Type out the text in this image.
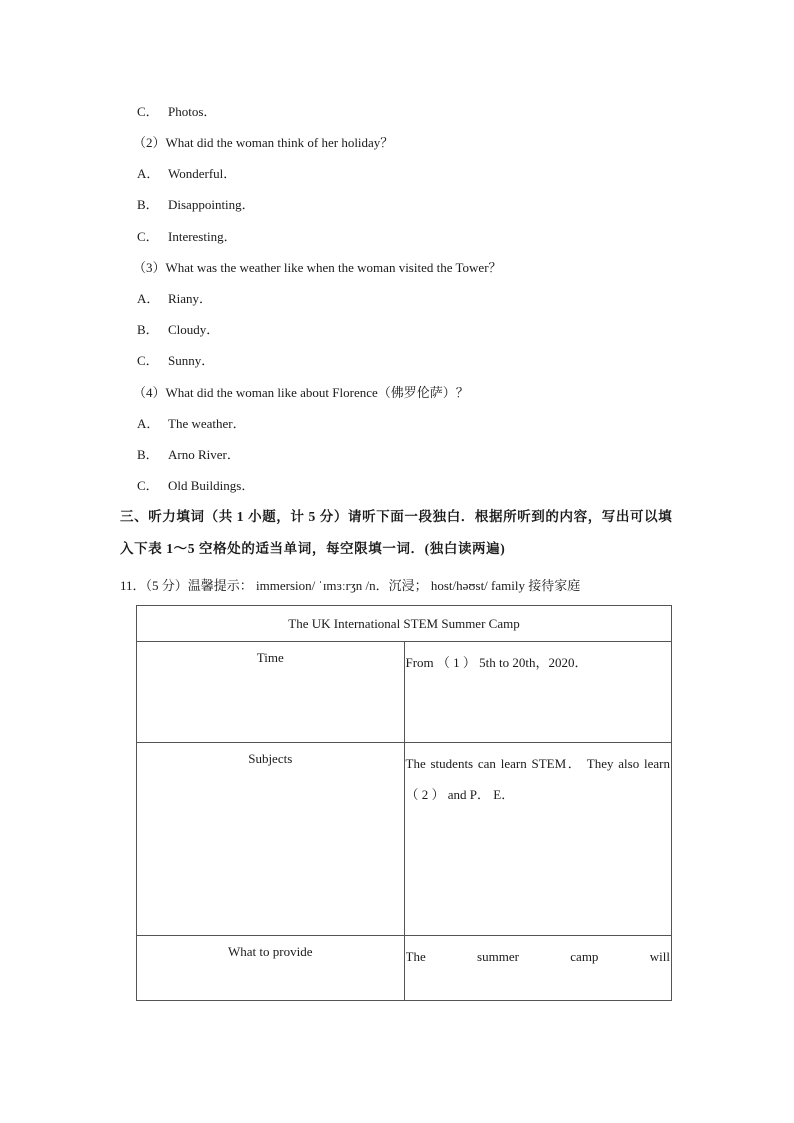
C． Photos．
（2）What did the woman think of her holiday？
A． Wonderful．
B． Disappointing．
C． Interesting．
（3）What was the weather like when the woman visited the Tower？
A． Riany．
B． Cloudy．
C． Sunny．
（4）What did the woman like about Florence（佛罗伦萨）？
A． The weather．
B． Arno River．
C． Old Buildings．
三、听力填词（共 1 小题，计 5 分）请听下面一段独白．根据所听到的内容，写出可以填
入下表 1～5 空格处的适当单词，每空限填一词．(独白读两遍)
11．（5 分）温馨提示： immersion/ ˈɪmɜːrʒn /n．沉浸； host/həʊst/ family 接待家庭
The UK International STEM Summer Camp	
Time	From （ 1 ） 5th to 20th，2020．
Subjects	The students can learn STEM． They also learn （ 2 ） and P． E．
What to provide	The summer camp will
